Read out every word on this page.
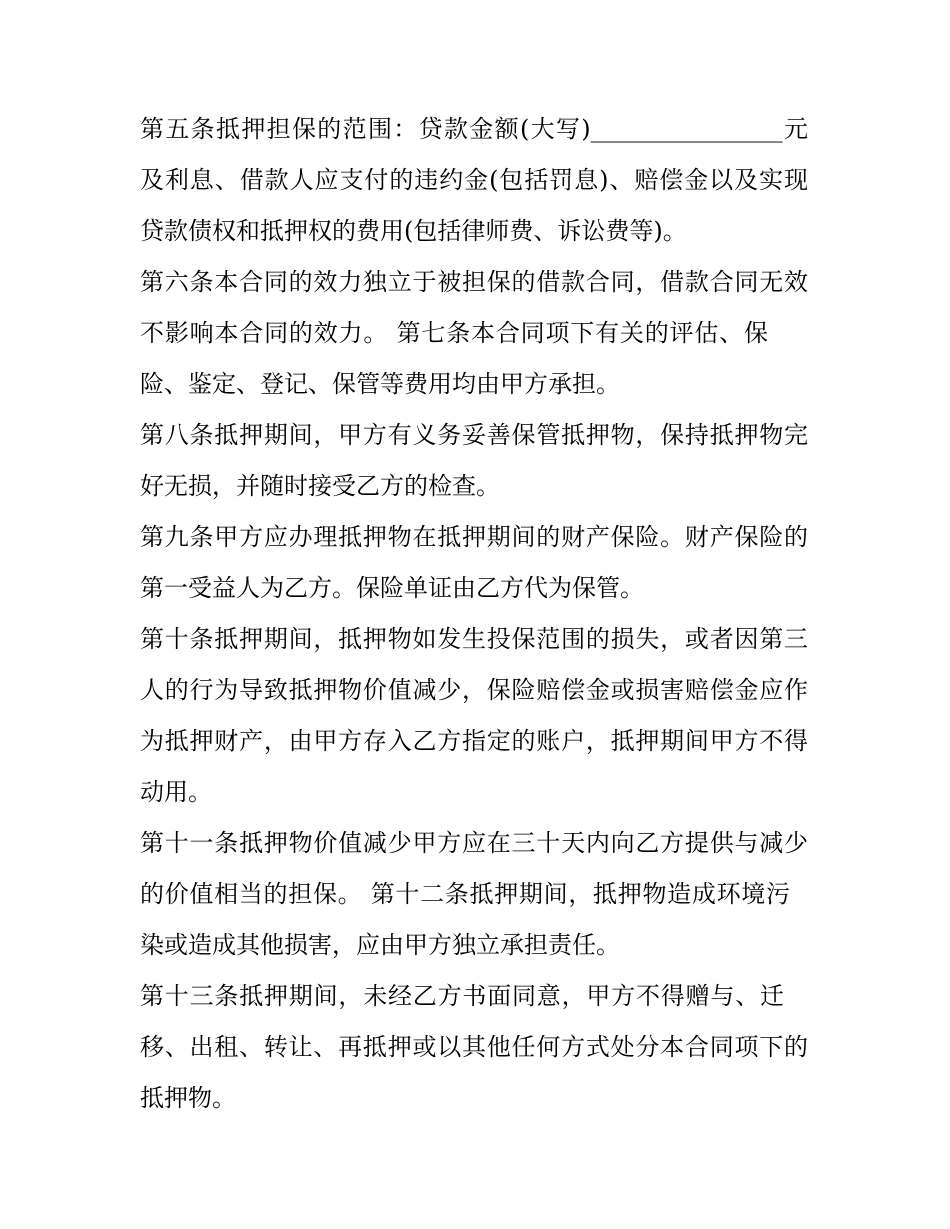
第五条抵押担保的范围：贷款金额(大写)________________元
及利息、借款人应支付的违约金(包括罚息)、赔偿金以及实现
贷款债权和抵押权的费用(包括律师费、诉讼费等)。
第六条本合同的效力独立于被担保的借款合同，借款合同无效
不影响本合同的效力。 第七条本合同项下有关的评估、保
险、鉴定、登记、保管等费用均由甲方承担。
第八条抵押期间，甲方有义务妥善保管抵押物，保持抵押物完
好无损，并随时接受乙方的检查。
第九条甲方应办理抵押物在抵押期间的财产保险。财产保险的
第一受益人为乙方。保险单证由乙方代为保管。
第十条抵押期间，抵押物如发生投保范围的损失，或者因第三
人的行为导致抵押物价值减少，保险赔偿金或损害赔偿金应作
为抵押财产，由甲方存入乙方指定的账户，抵押期间甲方不得
动用。
第十一条抵押物价值减少甲方应在三十天内向乙方提供与减少
的价值相当的担保。 第十二条抵押期间，抵押物造成环境污
染或造成其他损害，应由甲方独立承担责任。
第十三条抵押期间，未经乙方书面同意，甲方不得赠与、迁
移、出租、转让、再抵押或以其他任何方式处分本合同项下的
抵押物。
